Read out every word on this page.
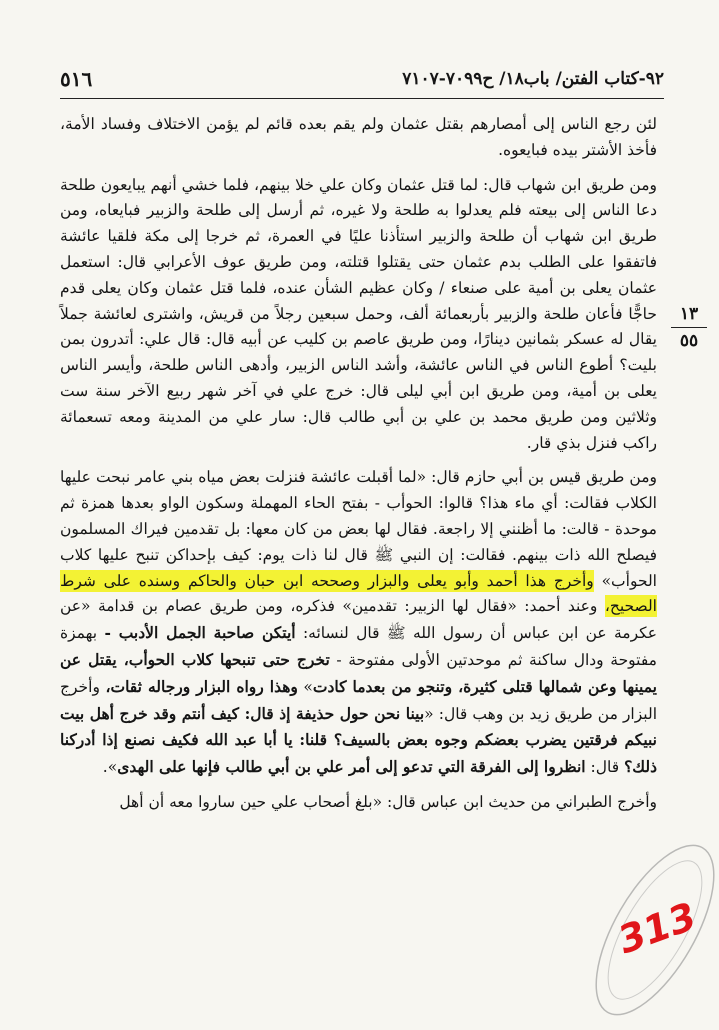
٩٢-كتاب الفتن/ باب١٨/ ح٧٠٩٩-٧١٠٧
٥١٦
١٣
٥٥

لئن رجع الناس إلى أمصارهم بقتل عثمان ولم يقم بعده قائم لم يؤمن الاختلاف وفساد الأمة، فأخذ الأشتر بيده فبايعوه.

ومن طريق ابن شهاب قال: لما قتل عثمان وكان علي خلا بينهم، فلما خشي أنهم يبايعون طلحة دعا الناس إلى بيعته فلم يعدلوا به طلحة ولا غيره، ثم أرسل إلى طلحة والزبير فبايعاه، ومن طريق ابن شهاب أن طلحة والزبير استأذنا عليًا في العمرة، ثم خرجا إلى مكة فلقيا عائشة فاتفقوا على الطلب بدم عثمان حتى يقتلوا قتلته، ومن طريق عوف الأعرابي قال: استعمل عثمان يعلى بن أمية على صنعاء / وكان عظيم الشأن عنده، فلما قتل عثمان وكان يعلى قدم حاجًّا فأعان طلحة والزبير بأربعمائة ألف، وحمل سبعين رجلاً من قريش، واشترى لعائشة جملاً يقال له عسكر بثمانين دينارًا، ومن طريق عاصم بن كليب عن أبيه قال: قال علي: أتدرون بمن بليت؟ أطوع الناس في الناس عائشة، وأشد الناس الزبير، وأدهى الناس طلحة، وأيسر الناس يعلى بن أمية، ومن طريق ابن أبي ليلى قال: خرج علي في آخر شهر ربيع الآخر سنة ست وثلاثين ومن طريق محمد بن علي بن أبي طالب قال: سار علي من المدينة ومعه تسعمائة راكب فنزل بذي قار.

ومن طريق قيس بن أبي حازم قال: «لما أقبلت عائشة فنزلت بعض مياه بني عامر نبحت عليها الكلاب فقالت: أي ماء هذا؟ قالوا: الحوأب - بفتح الحاء المهملة وسكون الواو بعدها همزة ثم موحدة - قالت: ما أظنني إلا راجعة. فقال لها بعض من كان معها: بل تقدمين فيراك المسلمون فيصلح الله ذات بينهم. فقالت: إن النبي ﷺ قال لنا ذات يوم: كيف بإحداكن تنبح عليها كلاب الحوأب» وأخرج هذا أحمد وأبو يعلى والبزار وصححه ابن حبان والحاكم وسنده على شرط الصحيح، وعند أحمد: «فقال لها الزبير: تقدمين» فذكره، ومن طريق عصام بن قدامة «عن عكرمة عن ابن عباس أن رسول الله ﷺ قال لنسائه: أيتكن صاحبة الجمل الأدبب - بهمزة مفتوحة ودال ساكنة ثم موحدتين الأولى مفتوحة - تخرج حتى تنبحها كلاب الحوأب، يقتل عن يمينها وعن شمالها قتلى كثيرة، وتنجو من بعدما كادت» وهذا رواه البزار ورجاله ثقات، وأخرج البزار من طريق زيد بن وهب قال: «بينا نحن حول حذيفة إذ قال: كيف أنتم وقد خرج أهل بيت نبيكم فرقتين يضرب بعضكم وجوه بعض بالسيف؟ قلنا: يا أبا عبد الله فكيف نصنع إذا أدركنا ذلك؟ قال: انظروا إلى الفرقة التي تدعو إلى أمر علي بن أبي طالب فإنها على الهدى».

وأخرج الطبراني من حديث ابن عباس قال: «بلغ أصحاب علي حين ساروا معه أن أهل

313
